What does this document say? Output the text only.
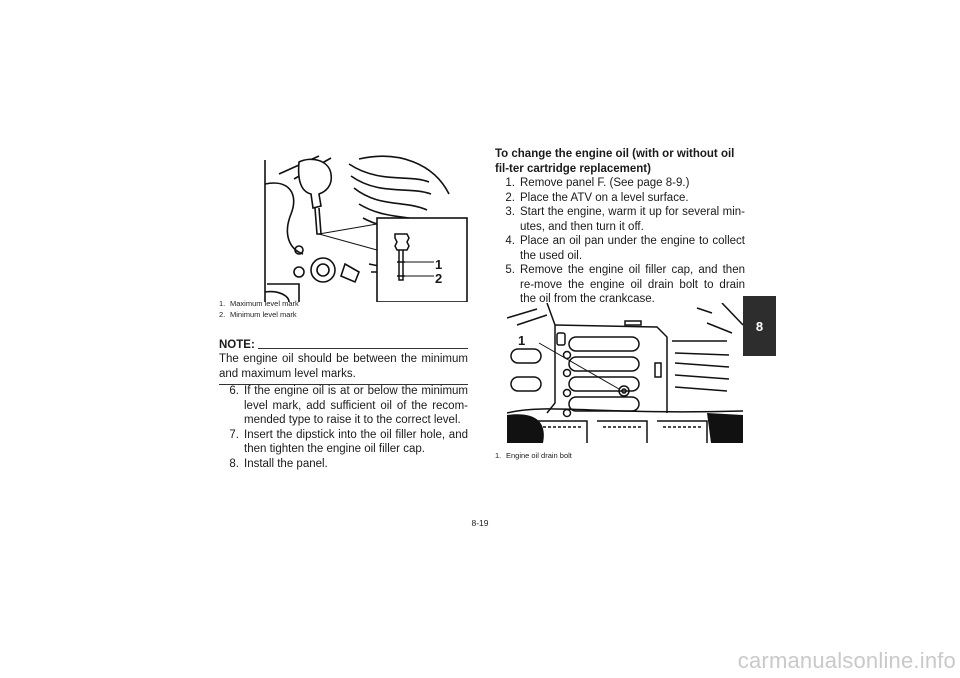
1
2
1. Maximum level mark
2. Minimum level mark
NOTE:
The engine oil should be between the minimum and maximum level marks.
6. If the engine oil is at or below the minimum level mark, add sufficient oil of the recom-mended type to raise it to the correct level.
7. Insert the dipstick into the oil filler hole, and then tighten the engine oil filler cap.
8. Install the panel.
To change the engine oil (with or without oil fil-ter cartridge replacement)
1. Remove panel F. (See page 8-9.)
2. Place the ATV on a level surface.
3. Start the engine, warm it up for several min-utes, and then turn it off.
4. Place an oil pan under the engine to collect the used oil.
5. Remove the engine oil filler cap, and then re-move the engine oil drain bolt to drain the oil from the crankcase.
1
1. Engine oil drain bolt
8-19
8
carmanualsonline.info
